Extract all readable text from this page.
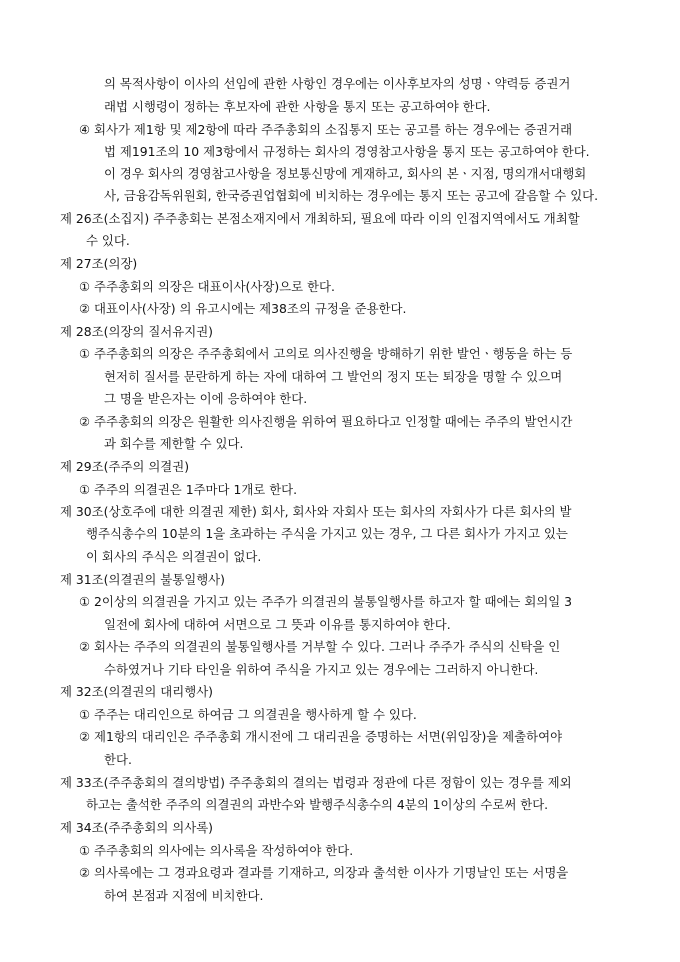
의 목적사항이 이사의 선임에 관한 사항인 경우에는 이사후보자의 성명ㆍ약력등 증권거
래법 시행령이 정하는 후보자에 관한 사항을 통지 또는 공고하여야 한다.
④ 회사가 제1항 및 제2항에 따라 주주총회의 소집통지 또는 공고를 하는 경우에는 증권거래
법 제191조의 10 제3항에서 규정하는 회사의 경영참고사항을 통지 또는 공고하여야 한다.
이 경우 회사의 경영참고사항을 정보통신망에 게재하고, 회사의 본ㆍ지점, 명의개서대행회
사, 금융감독위원회, 한국증권업협회에 비치하는 경우에는 통지 또는 공고에 갈음할 수 있다.
제 26조(소집지) 주주총회는 본점소재지에서 개최하되, 필요에 따라 이의 인접지역에서도 개최할
수 있다.
제 27조(의장)
① 주주총회의 의장은 대표이사(사장)으로 한다.
② 대표이사(사장) 의 유고시에는 제38조의 규정을 준용한다.
제 28조(의장의 질서유지권)
① 주주총회의 의장은 주주총회에서 고의로 의사진행을 방해하기 위한 발언ㆍ행동을 하는 등
현저히 질서를 문란하게 하는 자에 대하여 그 발언의 정지 또는 퇴장을 명할 수 있으며
그 명을 받은자는 이에 응하여야 한다.
② 주주총회의 의장은 원활한 의사진행을 위하여 필요하다고 인정할 때에는 주주의 발언시간
과 회수를 제한할 수 있다.
제 29조(주주의 의결권)
① 주주의 의결권은 1주마다 1개로 한다.
제 30조(상호주에 대한 의결권 제한) 회사, 회사와 자회사 또는 회사의 자회사가 다른 회사의 발
행주식총수의 10분의 1을 초과하는 주식을 가지고 있는 경우, 그 다른 회사가 가지고 있는
이 회사의 주식은 의결권이 없다.
제 31조(의결권의 불통일행사)
① 2이상의 의결권을 가지고 있는 주주가 의결권의 불통일행사를 하고자 할 때에는 회의일 3
일전에 회사에 대하여 서면으로 그 뜻과 이유를 통지하여야 한다.
② 회사는 주주의 의결권의 불통일행사를 거부할 수 있다. 그러나 주주가 주식의 신탁을 인
수하였거나 기타 타인을 위하여 주식을 가지고 있는 경우에는 그러하지 아니한다.
제 32조(의결권의 대리행사)
① 주주는 대리인으로 하여금 그 의결권을 행사하게 할 수 있다.
② 제1항의 대리인은 주주총회 개시전에 그 대리권을 증명하는 서면(위임장)을 제출하여야
한다.
제 33조(주주총회의 결의방법) 주주총회의 결의는 법령과 정관에 다른 정함이 있는 경우를 제외
하고는 출석한 주주의 의결권의 과반수와 발행주식총수의 4분의 1이상의 수로써 한다.
제 34조(주주총회의 의사록)
① 주주총회의 의사에는 의사록을 작성하여야 한다.
② 의사록에는 그 경과요령과 결과를 기재하고, 의장과 출석한 이사가 기명날인 또는 서명을
하여 본점과 지점에 비치한다.
